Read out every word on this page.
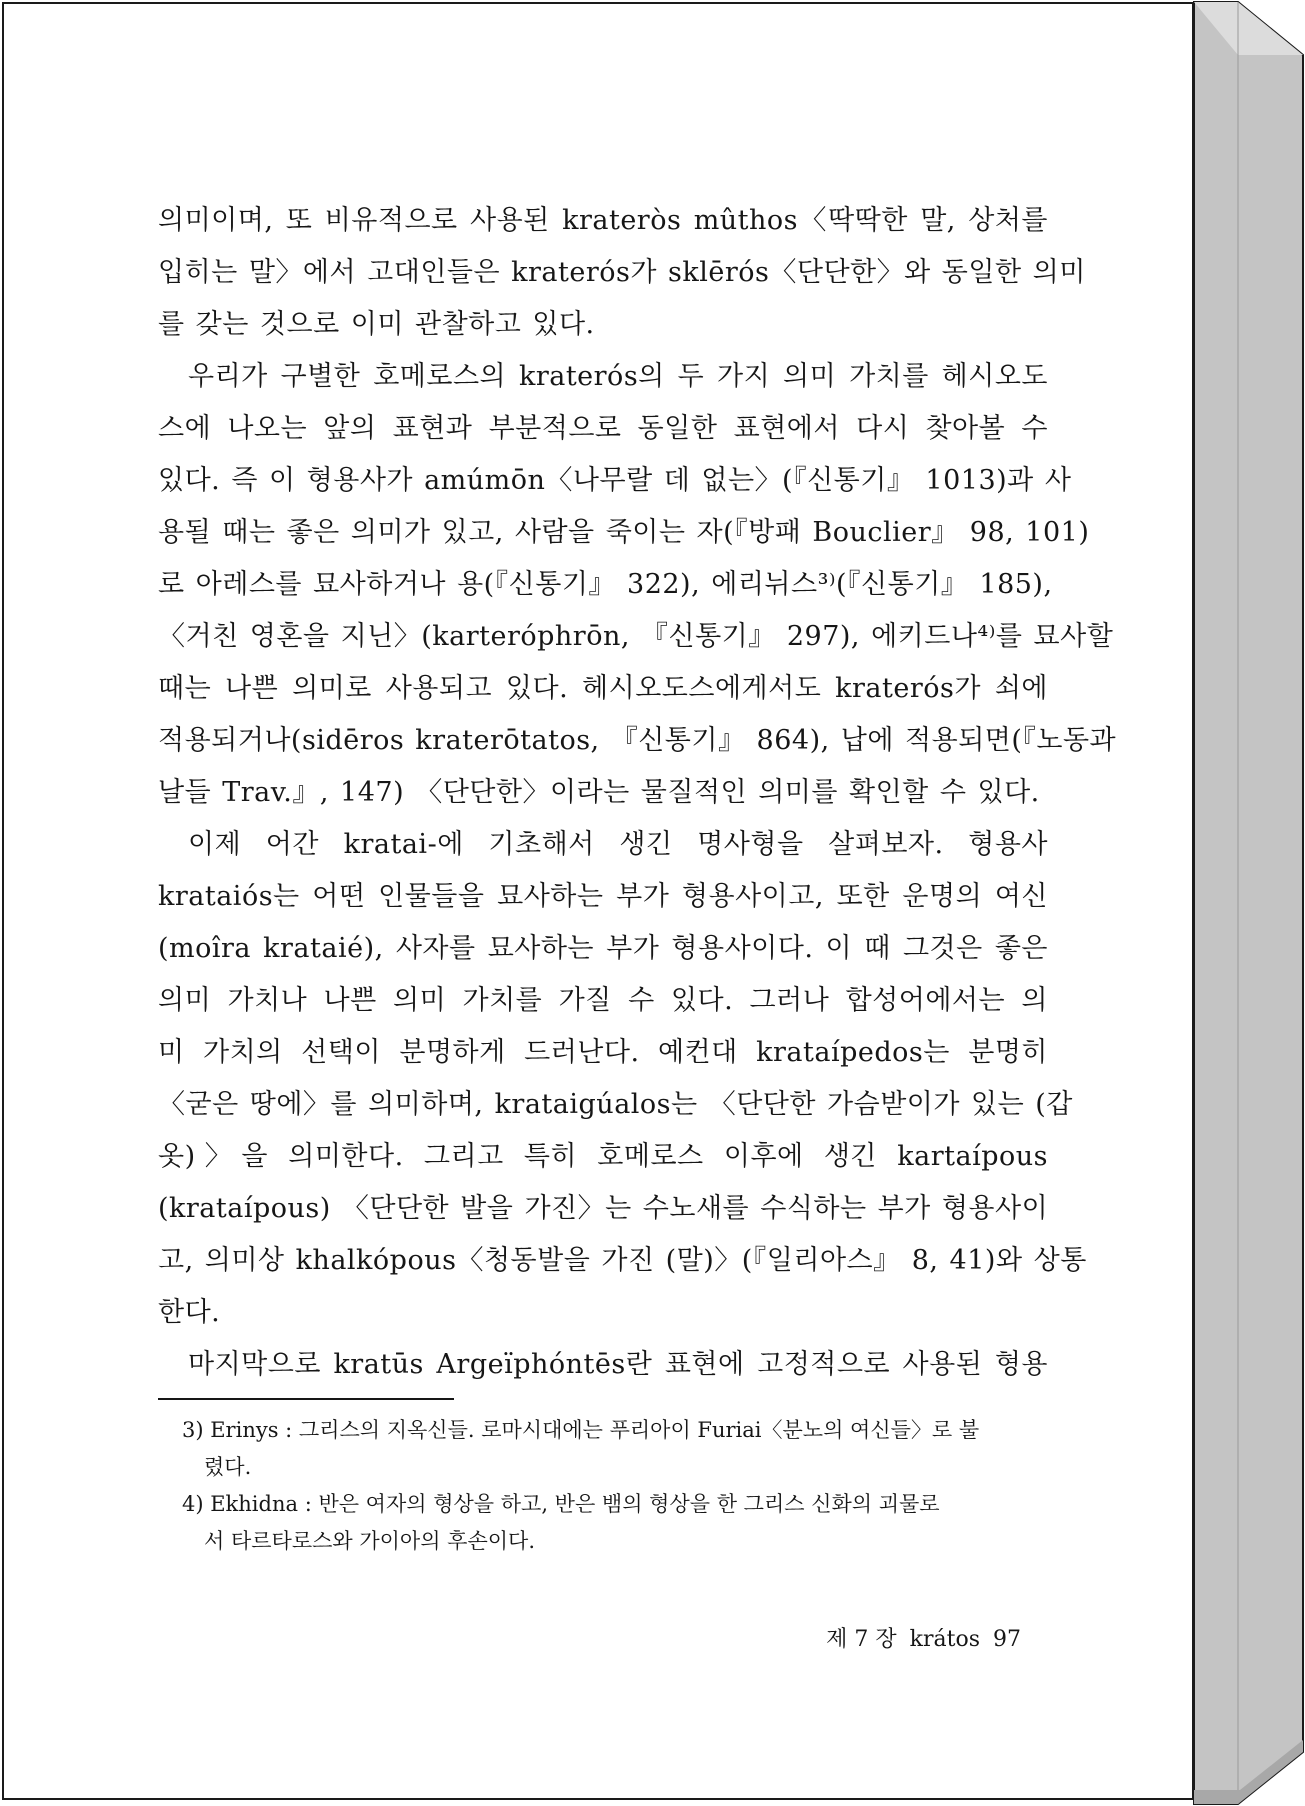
의미이며, 또 비유적으로 사용된 krateròs mûthos〈딱딱한 말, 상처를
입히는 말〉에서 고대인들은 kraterós가 sklērós〈단단한〉와 동일한 의미
를 갖는 것으로 이미 관찰하고 있다.

우리가 구별한 호메로스의 kraterós의 두 가지 의미 가치를 헤시오도
스에 나오는 앞의 표현과 부분적으로 동일한 표현에서 다시 찾아볼 수
있다. 즉 이 형용사가 amúmōn〈나무랄 데 없는〉(『신통기』 1013)과 사
용될 때는 좋은 의미가 있고, 사람을 죽이는 자(『방패 Bouclier』 98, 101)
로 아레스를 묘사하거나 용(『신통기』 322), 에리뉘스³⁾(『신통기』 185),
〈거친 영혼을 지닌〉(karteróphrōn, 『신통기』 297), 에키드나⁴⁾를 묘사할
때는 나쁜 의미로 사용되고 있다. 헤시오도스에게서도 kraterós가 쇠에
적용되거나(sidēros kraterōtatos, 『신통기』 864), 납에 적용되면(『노동과
날들 Trav.』, 147) 〈단단한〉이라는 물질적인 의미를 확인할 수 있다.

이제 어간 kratai-에 기초해서 생긴 명사형을 살펴보자. 형용사
krataiós는 어떤 인물들을 묘사하는 부가 형용사이고, 또한 운명의 여신
(moîra krataié), 사자를 묘사하는 부가 형용사이다. 이 때 그것은 좋은
의미 가치나 나쁜 의미 가치를 가질 수 있다. 그러나 합성어에서는 의
미 가치의 선택이 분명하게 드러난다. 예컨대 krataípedos는 분명히
〈굳은 땅에〉를 의미하며, krataigúalos는 〈단단한 가슴받이가 있는 (갑
옷)〉을 의미한다. 그리고 특히 호메로스 이후에 생긴 kartaípous
(krataípous) 〈단단한 발을 가진〉는 수노새를 수식하는 부가 형용사이
고, 의미상 khalkópous〈청동발을 가진 (말)〉(『일리아스』 8, 41)와 상통
한다.

마지막으로 kratūs Argeïphóntēs란 표현에 고정적으로 사용된 형용

3) Erinys : 그리스의 지옥신들. 로마시대에는 푸리아이 Furiai〈분노의 여신들〉로 불
렸다.
4) Ekhidna : 반은 여자의 형상을 하고, 반은 뱀의 형상을 한 그리스 신화의 괴물로
서 타르타로스와 가이아의 후손이다.
제 7 장 krátos 97
